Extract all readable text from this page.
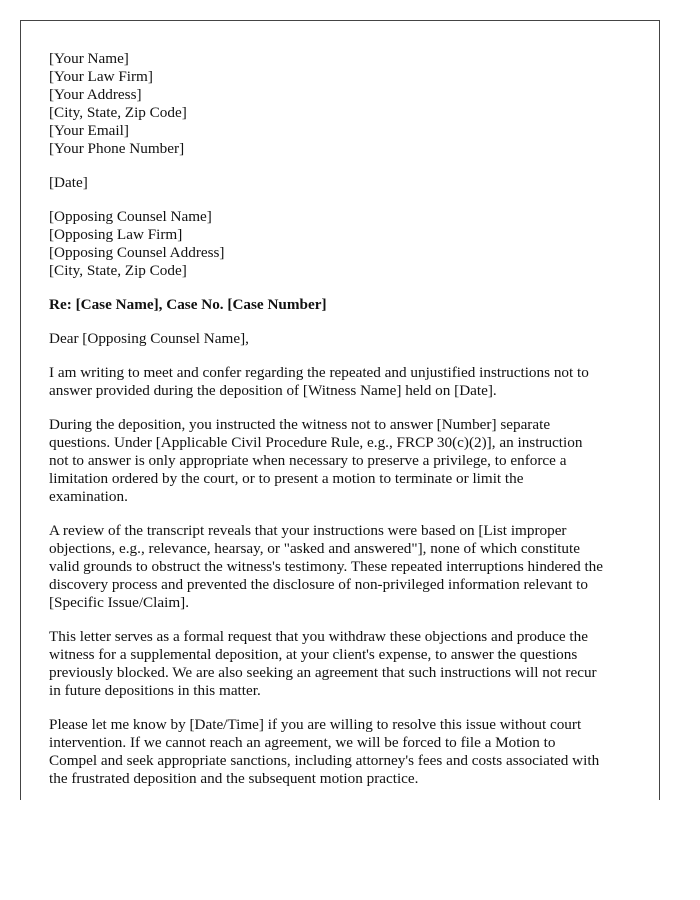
[Your Name]
[Your Law Firm]
[Your Address]
[City, State, Zip Code]
[Your Email]
[Your Phone Number]
[Date]
[Opposing Counsel Name]
[Opposing Law Firm]
[Opposing Counsel Address]
[City, State, Zip Code]
Re: [Case Name], Case No. [Case Number]
Dear [Opposing Counsel Name],

I am writing to meet and confer regarding the repeated and unjustified instructions not to
answer provided during the deposition of [Witness Name] held on [Date].

During the deposition, you instructed the witness not to answer [Number] separate
questions. Under [Applicable Civil Procedure Rule, e.g., FRCP 30(c)(2)], an instruction
not to answer is only appropriate when necessary to preserve a privilege, to enforce a
limitation ordered by the court, or to present a motion to terminate or limit the
examination.

A review of the transcript reveals that your instructions were based on [List improper
objections, e.g., relevance, hearsay, or "asked and answered"], none of which constitute
valid grounds to obstruct the witness's testimony. These repeated interruptions hindered the
discovery process and prevented the disclosure of non-privileged information relevant to
[Specific Issue/Claim].

This letter serves as a formal request that you withdraw these objections and produce the
witness for a supplemental deposition, at your client's expense, to answer the questions
previously blocked. We are also seeking an agreement that such instructions will not recur
in future depositions in this matter.

Please let me know by [Date/Time] if you are willing to resolve this issue without court
intervention. If we cannot reach an agreement, we will be forced to file a Motion to
Compel and seek appropriate sanctions, including attorney's fees and costs associated with
the frustrated deposition and the subsequent motion practice.
